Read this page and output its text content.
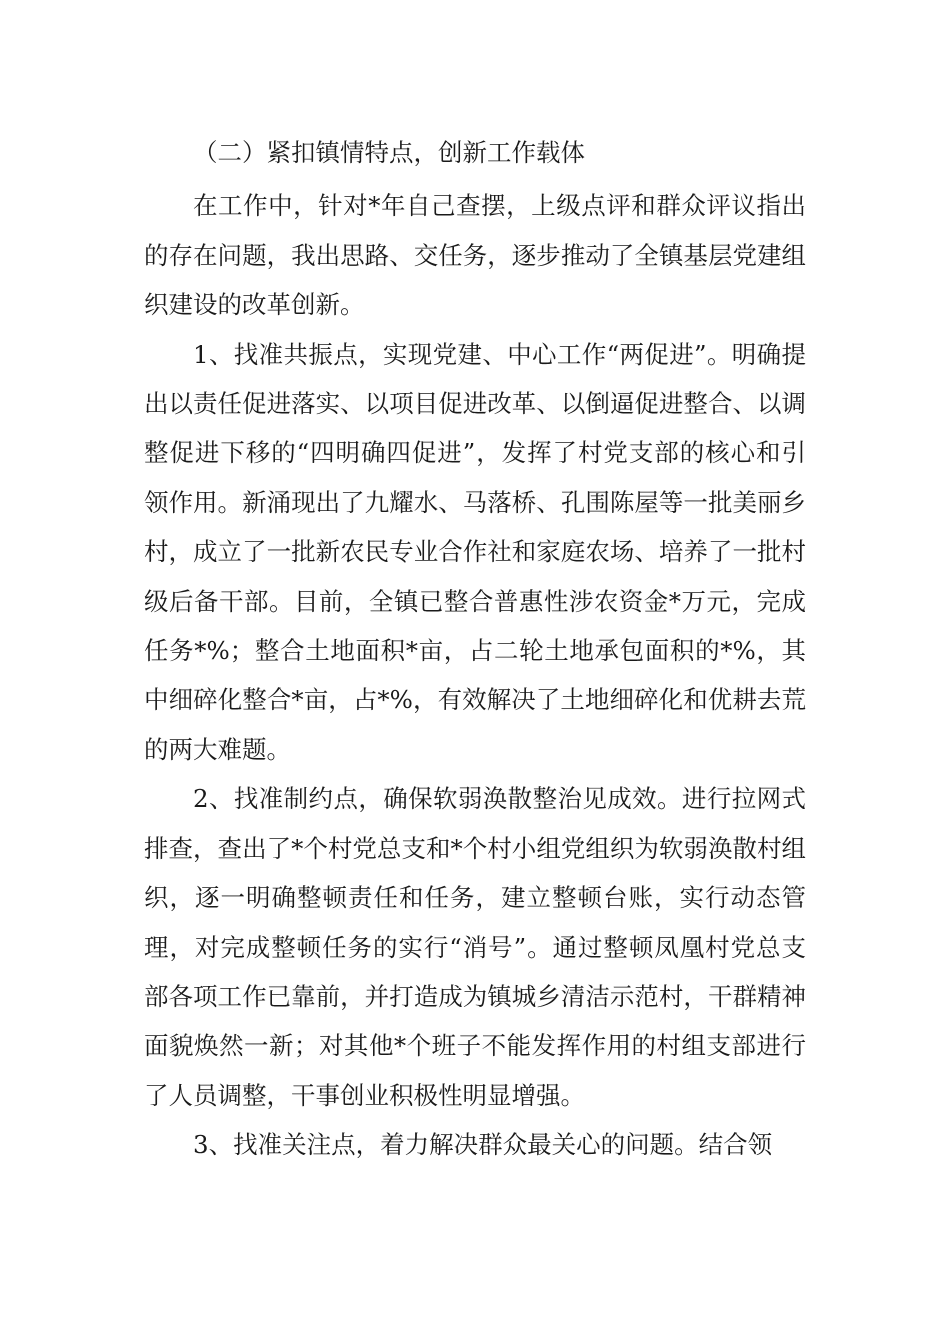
（二）紧扣镇情特点，创新工作载体

在工作中，针对*年自己查摆，上级点评和群众评议指出的存在问题，我出思路、交任务，逐步推动了全镇基层党建组织建设的改革创新。

1、找准共振点，实现党建、中心工作“两促进”。明确提出以责任促进落实、以项目促进改革、以倒逼促进整合、以调整促进下移的“四明确四促进”，发挥了村党支部的核心和引领作用。新涌现出了九耀水、马落桥、孔围陈屋等一批美丽乡村，成立了一批新农民专业合作社和家庭农场、培养了一批村级后备干部。目前，全镇已整合普惠性涉农资金*万元，完成任务*%；整合土地面积*亩，占二轮土地承包面积的*%，其中细碎化整合*亩，占*%，有效解决了土地细碎化和优耕去荒的两大难题。

2、找准制约点，确保软弱涣散整治见成效。进行拉网式排查，查出了*个村党总支和*个村小组党组织为软弱涣散村组织，逐一明确整顿责任和任务，建立整顿台账，实行动态管理，对完成整顿任务的实行“消号”。通过整顿凤凰村党总支部各项工作已靠前，并打造成为镇城乡清洁示范村，干群精神面貌焕然一新；对其他*个班子不能发挥作用的村组支部进行了人员调整，干事创业积极性明显增强。

3、找准关注点，着力解决群众最关心的问题。结合领
